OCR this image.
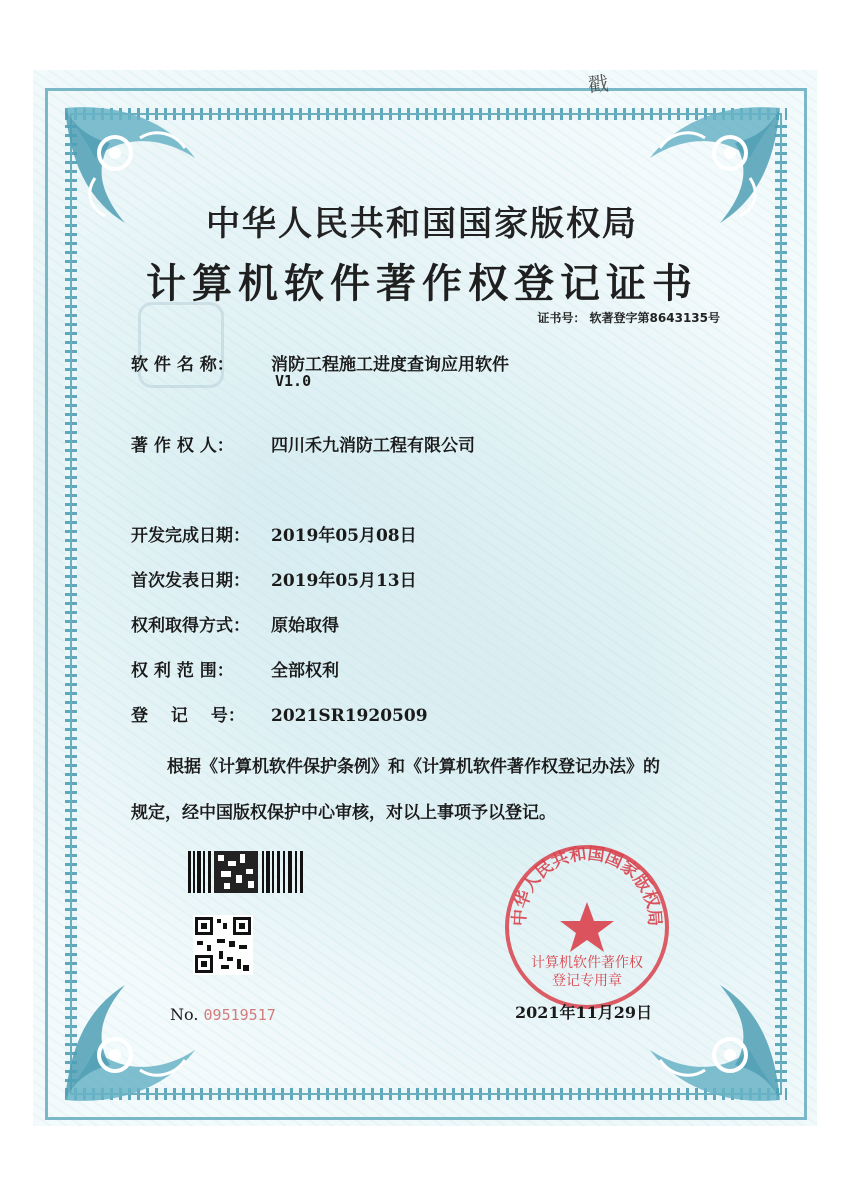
戳
中华人民共和国国家版权局
计算机软件著作权登记证书
证书号： 软著登字第8643135号
软 件 名 称： 消防工程施工进度查询应用软件
V1.0
著 作 权 人： 四川禾九消防工程有限公司
开发完成日期： 2019年05月08日
首次发表日期： 2019年05月13日
权利取得方式： 原始取得
权 利 范 围： 全部权利
登　 记　 号： 2021SR1920509
根据《计算机软件保护条例》和《计算机软件著作权登记办法》的
规定，经中国版权保护中心审核，对以上事项予以登记。
No. 09519517
中华人民共和国国家版权局
计算机软件著作权
登记专用章
2021年11月29日
